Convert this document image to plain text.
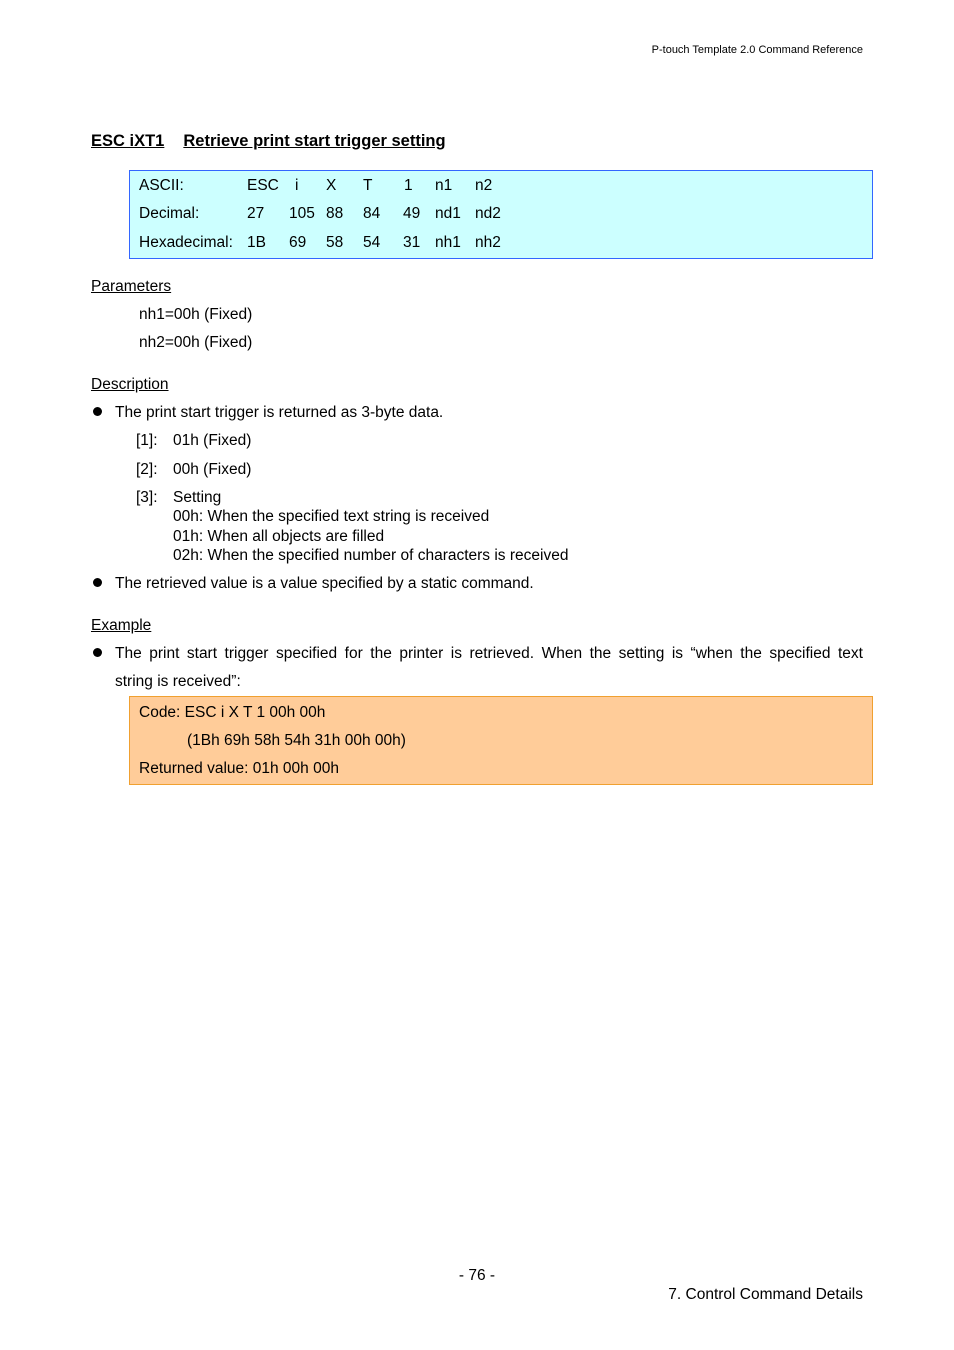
P-touch Template 2.0 Command Reference
ESC iXT1 Retrieve print start trigger setting
ASCII:	ESC i X T 1 n1 n2
Decimal:	27 105 88 84 49 nd1 nd2
Hexadecimal: 1B 69 58 54 31 nh1 nh2
Parameters
nh1=00h (Fixed)
nh2=00h (Fixed)
Description
The print start trigger is returned as 3-byte data.
[1]: 01h (Fixed)
[2]: 00h (Fixed)
[3]: Setting
00h: When the specified text string is received
01h: When all objects are filled
02h: When the specified number of characters is received
The retrieved value is a value specified by a static command.
Example
The print start trigger specified for the printer is retrieved. When the setting is “when the specified text
string is received”:
Code: ESC i X T 1 00h 00h
(1Bh 69h 58h 54h 31h 00h 00h)
Returned value: 01h 00h 00h
- 76 -
7. Control Command Details
